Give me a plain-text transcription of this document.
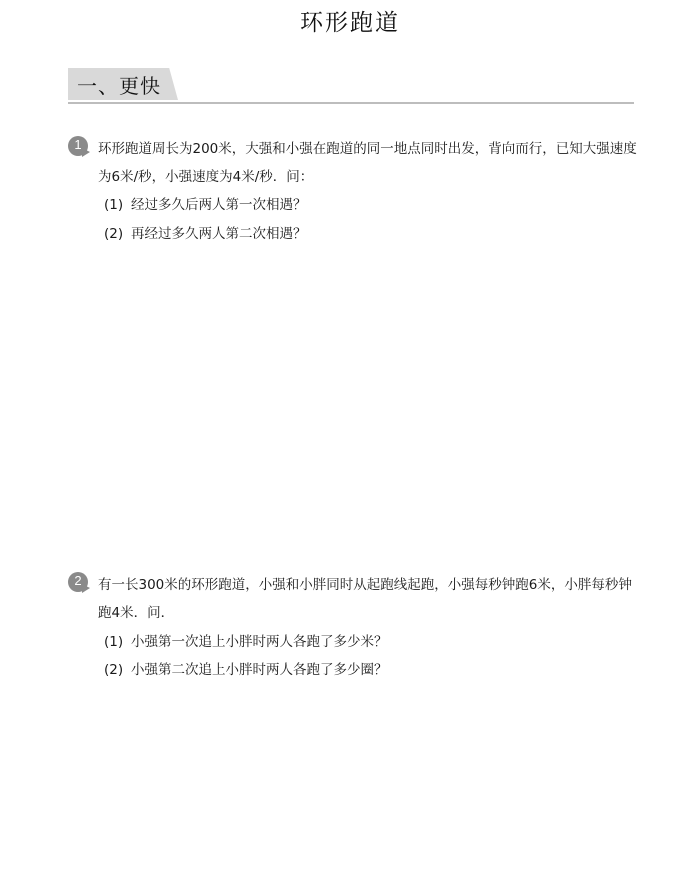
环形跑道
一、更快
1	环形跑道周长为200米，大强和小强在跑道的同一地点同时出发，背向而行，已知大强速度
为6米/秒，小强速度为4米/秒．问：
(1) 经过多久后两人第一次相遇？
(2) 再经过多久两人第二次相遇？
2	有一长300米的环形跑道，小强和小胖同时从起跑线起跑，小强每秒钟跑6米，小胖每秒钟
跑4米．问．
(1) 小强第一次追上小胖时两人各跑了多少米？
(2) 小强第二次追上小胖时两人各跑了多少圈？
